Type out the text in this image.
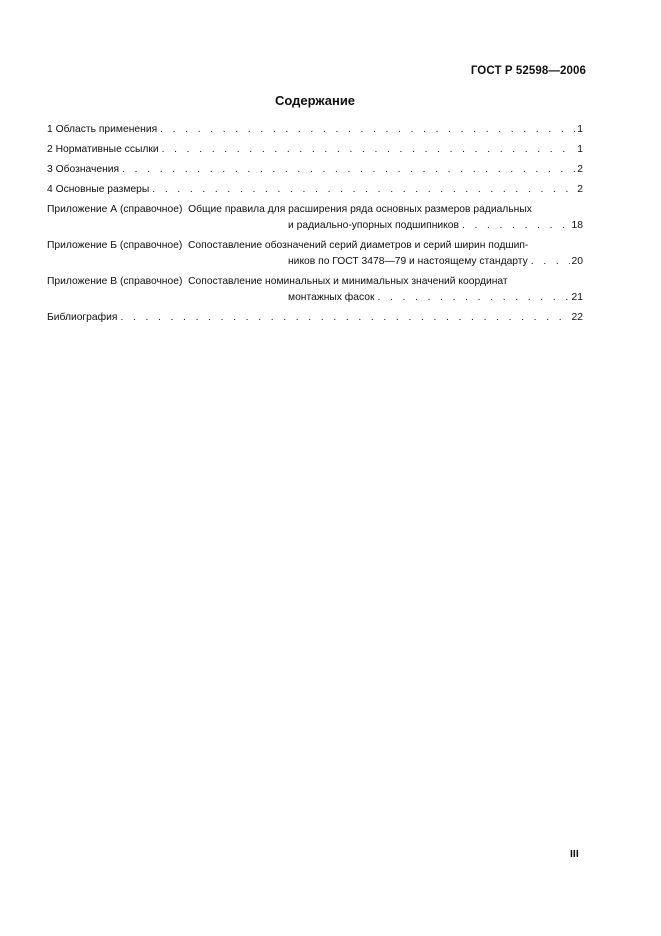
ГОСТ Р 52598—2006
Содержание
1 Область применения . . .	1
2 Нормативные ссылки . . .	1
3 Обозначения . . .	2
4 Основные размеры . . .	2
Приложение А (справочное) Общие правила для расширения ряда основных размеров радиальных
и радиально-упорных подшипников . . .	18
Приложение Б (справочное) Сопоставление обозначений серий диаметров и серий ширин подшип-
ников по ГОСТ 3478—79 и настоящему стандарту . . .	20
Приложение В (справочное) Сопоставление номинальных и минимальных значений координат
монтажных фасок . . .	21
Библиография . . .	22
III
